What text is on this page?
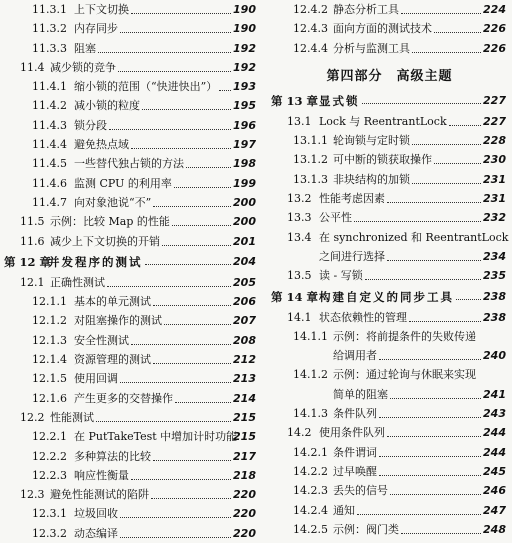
11.3.1 上下文切换	190
11.3.2 内存同步	190
11.3.3 阻塞	192
11.4 减少锁的竞争	192
11.4.1 缩小锁的范围（“快进快出”） 193
11.4.2 减小锁的粒度	195
11.4.3 锁分段	196
11.4.4 避免热点域	197
11.4.5 一些替代独占锁的方法	198
11.4.6 监测 CPU 的利用率	199
11.4.7 向对象池说“不”	200
11.5 示例：比较 Map 的性能	200
11.6 减少上下文切换的开销	201
第 12 章
并发程序的测试	204
12.1 正确性测试	205
12.1.1 基本的单元测试	206
12.1.2 对阻塞操作的测试	207
12.1.3 安全性测试	208
12.1.4 资源管理的测试	212
12.1.5 使用回调	213
12.1.6 产生更多的交替操作	214
12.2 性能测试	215
12.2.1 在 PutTakeTest 中增加计时功能
215
12.2.2 多种算法的比较	217
12.2.3 响应性衡量	218
12.3 避免性能测试的陷阱	220
12.3.1 垃圾回收	220
12.3.2 动态编译	220
12.4.2 静态分析工具	224
12.4.3 面向方面的测试技术	226
12.4.4 分析与监测工具	226
第四部分　高级主题
第 13 章 显式锁	227
13.1 Lock 与 ReentrantLock	227
13.1.1 轮询锁与定时锁	228
13.1.2 可中断的锁获取操作	230
13.1.3 非块结构的加锁	231
13.2 性能考虑因素	231
13.3 公平性	232
13.4 在 synchronized 和 ReentrantLock
之间进行选择	234
13.5 读 - 写锁	235
第 14 章 构建自定义的同步工具	238
14.1 状态依赖性的管理	238
14.1.1 示例：将前提条件的失败传递
给调用者	240
14.1.2 示例：通过轮询与休眠来实现
简单的阻塞	241
14.1.3 条件队列	243
14.2 使用条件队列	244
14.2.1 条件谓词	244
14.2.2 过早唤醒	245
14.2.3 丢失的信号	246
14.2.4 通知	247
14.2.5 示例：阀门类	248
